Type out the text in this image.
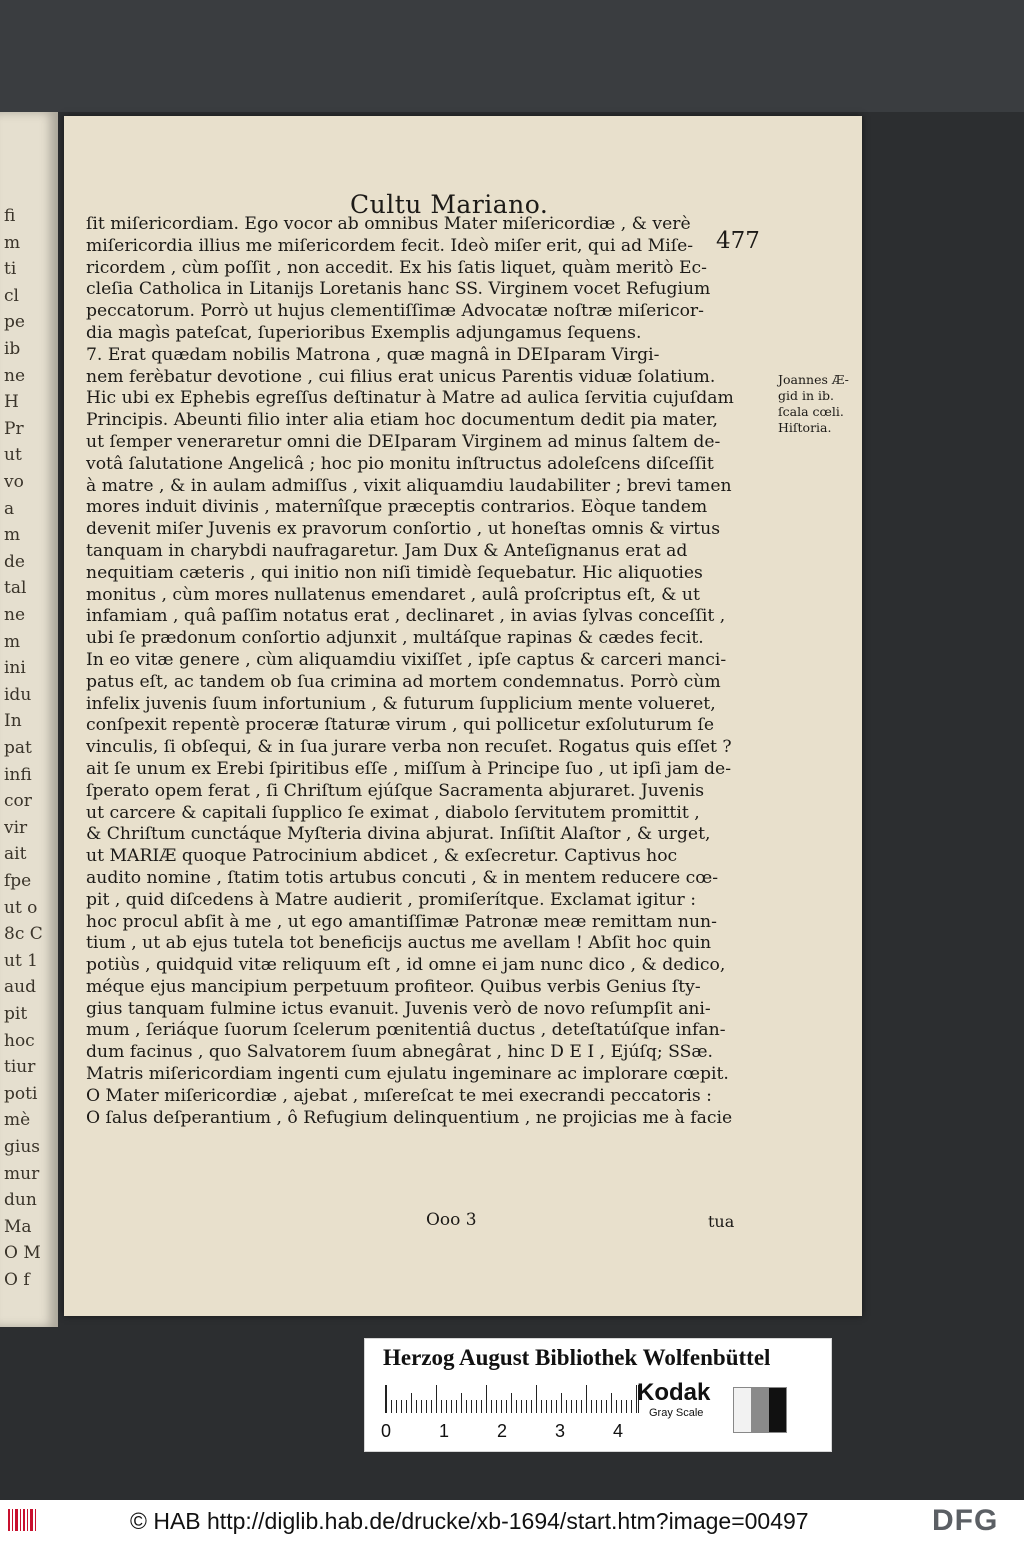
fi
m
ti
cl
pe
ib
ne
H
Pr
ut
vo
a
m
de
tal
ne
m
ini
idu
In
pat
infi
cor
vir
ait
fpe
ut o
8c C
ut 1
aud
pit
hoc
tiur
poti
mè
gius
mur
dun
Ma
O M
O f
Cultu Mariano.
477
ſit miſericordiam. Ego vocor ab omnibus Mater miſericordiæ , & verè
miſericordia illius me miſericordem fecit. Ideò miſer erit, qui ad Miſe-
ricordem , cùm poſſit , non accedit. Ex his ſatis liquet, quàm meritò Ec-
cleſia Catholica in Litanijs Loretanis hanc SS. Virginem vocet Refugium
peccatorum. Porrò ut hujus clementiſſimæ Advocatæ noſtræ miſericor-
dia magìs pateſcat, ſuperioribus Exemplis adjungamus ſequens.
7. Erat quædam nobilis Matrona , quæ magnâ in DEIparam Virgi-
nem ferèbatur devotione , cui filius erat unicus Parentis viduæ ſolatium.
Hic ubi ex Ephebis egreſſus deſtinatur à Matre ad aulica ſervitia cujuſdam
Principis. Abeunti filio inter alia etiam hoc documentum dedit pia mater,
ut ſemper veneraretur omni die DEIparam Virginem ad minus ſaltem de-
votâ ſalutatione Angelicâ ; hoc pio monitu inſtructus adoleſcens diſceſſit
à matre , & in aulam admiſſus , vixit aliquamdiu laudabiliter ; brevi tamen
mores induit divinis , maternîſque præceptis contrarios. Eòque tandem
devenit miſer Juvenis ex pravorum conſortio , ut honeſtas omnis & virtus
tanquam in charybdi naufragaretur. Jam Dux & Anteſignanus erat ad
nequitiam cæteris , qui initio non niſi timidè ſequebatur. Hic aliquoties
monitus , cùm mores nullatenus emendaret , aulâ proſcriptus eſt, & ut
infamiam , quâ paſſim notatus erat , declinaret , in avias ſylvas conceſſit ,
ubi ſe prædonum conſortio adjunxit , multáſque rapinas & cædes fecit.
In eo vitæ genere , cùm aliquamdiu vixiſſet , ipſe captus & carceri manci-
patus eſt, ac tandem ob ſua crimina ad mortem condemnatus. Porrò cùm
infelix juvenis ſuum infortunium , & futurum ſupplicium mente volueret,
conſpexit repentè proceræ ſtaturæ virum , qui pollicetur exſoluturum ſe
vinculis, ſi obſequi, & in ſua jurare verba non recuſet. Rogatus quis eſſet ?
ait ſe unum ex Erebi ſpiritibus eſſe , miſſum à Principe ſuo , ut ipſi jam de-
ſperato opem ferat , ſi Chriſtum ejúſque Sacramenta abjuraret. Juvenis
ut carcere & capitali ſupplico ſe eximat , diabolo ſervitutem promittit ,
& Chriſtum cunctáque Myſteria divina abjurat. Inſiſtit Alaſtor , & urget,
ut MARIÆ quoque Patrocinium abdicet , & exſecretur. Captivus hoc
audito nomine , ſtatim totis artubus concuti , & in mentem reducere cœ-
pit , quid diſcedens à Matre audierit , promiſerítque. Exclamat igitur :
hoc procul abſit à me , ut ego amantiſſimæ Patronæ meæ remittam nun-
tium , ut ab ejus tutela tot beneficijs auctus me avellam ! Abſit hoc quin
potiùs , quidquid vitæ reliquum eſt , id omne ei jam nunc dico , & dedico,
méque ejus mancipium perpetuum profiteor. Quibus verbis Genius ſty-
gius tanquam fulmine ictus evanuit. Juvenis verò de novo reſumpſit ani-
mum , ſeriáque ſuorum ſcelerum pœnitentiâ ductus , deteſtatúſque infan-
dum facinus , quo Salvatorem ſuum abnegârat , hinc D E I , Ejúſq; SSæ.
Matris miſericordiam ingenti cum ejulatu ingeminare ac implorare cœpit.
O Mater miſericordiæ , ajebat , mıſereſcat te mei execrandi peccatoris :
O ſalus deſperantium , ô Refugium delinquentium , ne projicias me à facie
Joannes Æ-
gid in ib.
ſcala cœli.
Hiſtoria.
Ooo 3	tua
Herzog August Bibliothek Wolfenbüttel
0	1	2	3	4
Kodak
Gray Scale
© HAB http://diglib.hab.de/drucke/xb-1694/start.htm?image=00497	DFG
